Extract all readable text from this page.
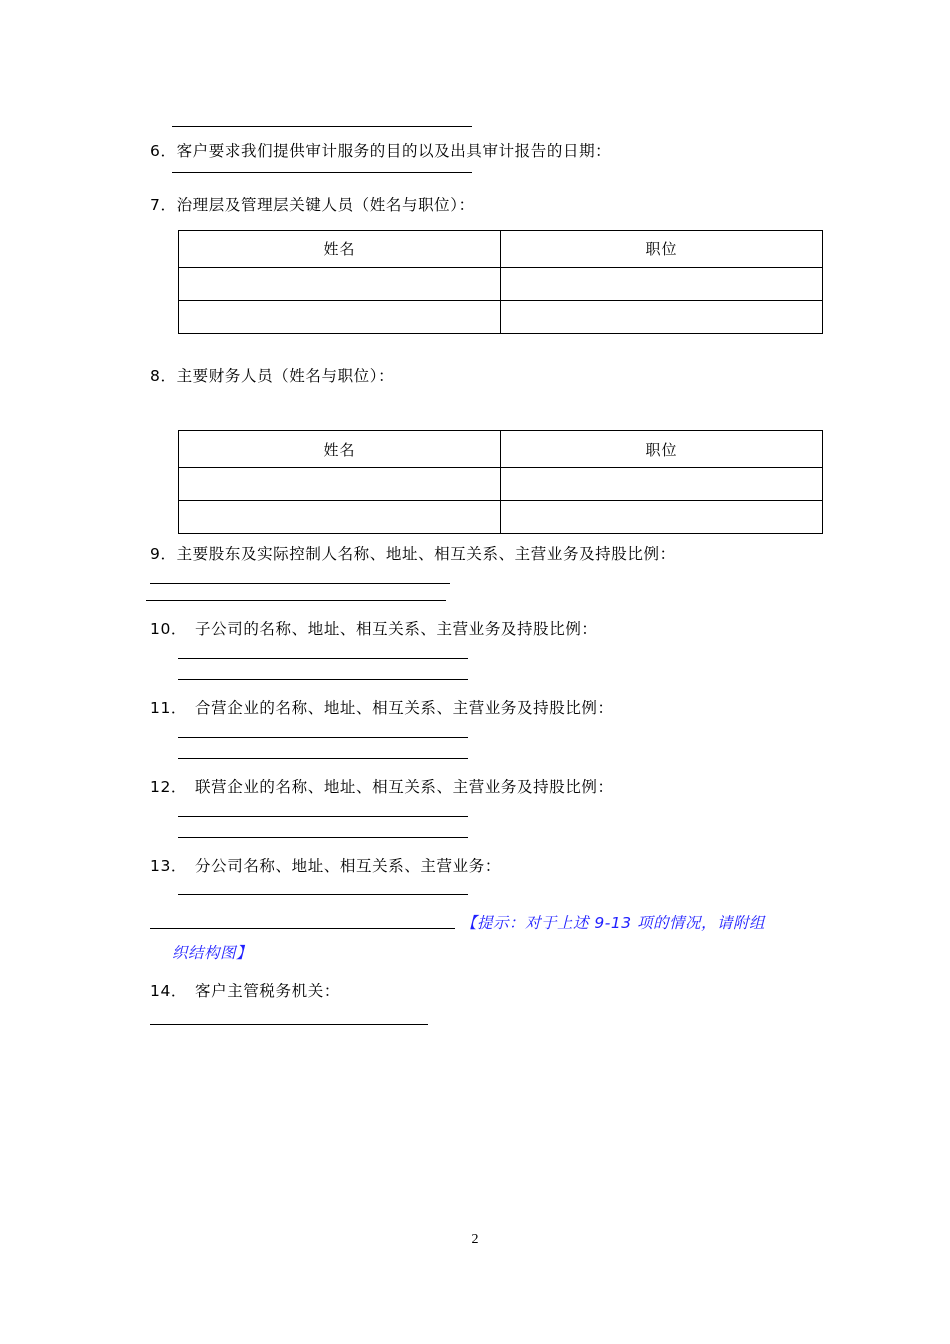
6． 客户要求我们提供审计服务的目的以及出具审计报告的日期：
7． 治理层及管理层关键人员（姓名与职位）：
姓名	职位

8． 主要财务人员（姓名与职位）：
姓名	职位

9． 主要股东及实际控制人名称、地址、相互关系、主营业务及持股比例：
10． 子公司的名称、地址、相互关系、主营业务及持股比例：
11． 合营企业的名称、地址、相互关系、主营业务及持股比例：
12． 联营企业的名称、地址、相互关系、主营业务及持股比例：
13． 分公司名称、地址、相互关系、主营业务：
【提示：对于上述 9-13 项的情况，请附组
织结构图】
14． 客户主管税务机关：
2
